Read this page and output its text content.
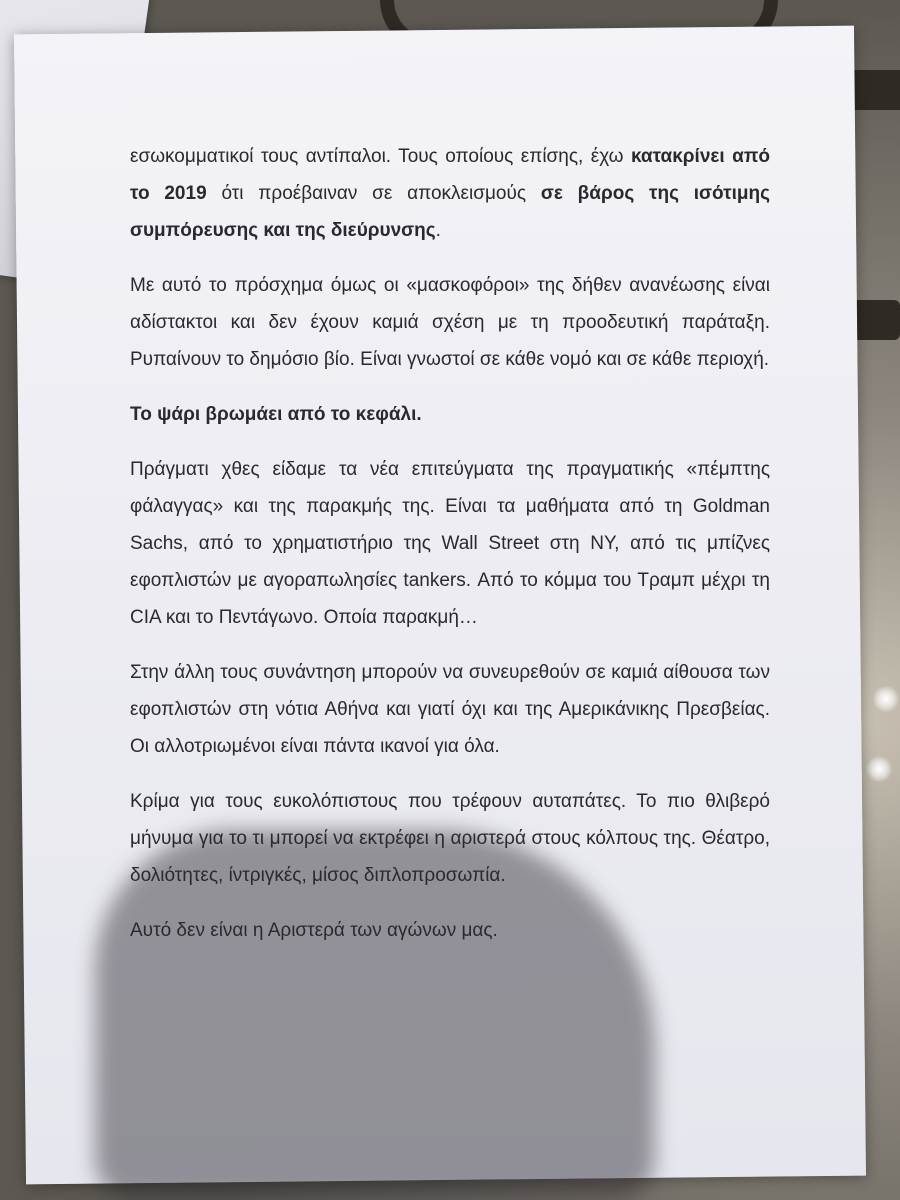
εσωκομματικοί τους αντίπαλοι. Τους οποίους επίσης, έχω κατακρίνει από το 2019 ότι προέβαιναν σε αποκλεισμούς σε βάρος της ισότιμης συμπόρευσης και της διεύρυνσης.

Με αυτό το πρόσχημα όμως οι «μασκοφόροι» της δήθεν ανανέωσης είναι αδίστακτοι και δεν έχουν καμιά σχέση με τη προοδευτική παράταξη. Ρυπαίνουν το δημόσιο βίο. Είναι γνωστοί σε κάθε νομό και σε κάθε περιοχή.

Το ψάρι βρωμάει από το κεφάλι.

Πράγματι χθες είδαμε τα νέα επιτεύγματα της πραγματικής «πέμπτης φάλαγγας» και της παρακμής της. Είναι τα μαθήματα από τη Goldman Sachs, από το χρηματιστήριο της Wall Street στη NY, από τις μπίζνες εφοπλιστών με αγοραπωλησίες tankers. Από το κόμμα του Τραμπ μέχρι τη CIA και το Πεντάγωνο. Οποία παρακμή…

Στην άλλη τους συνάντηση μπορούν να συνευρεθούν σε καμιά αίθουσα των εφοπλιστών στη νότια Αθήνα και γιατί όχι και της Αμερικάνικης Πρεσβείας. Οι αλλοτριωμένοι είναι πάντα ικανοί για όλα.

Κρίμα για τους ευκολόπιστους που τρέφουν αυταπάτες. Το πιο θλιβερό μήνυμα για το τι μπορεί να εκτρέφει η αριστερά στους κόλπους της. Θέατρο, δολιότητες, ίντριγκές, μίσος διπλοπροσωπία.

Αυτό δεν είναι η Αριστερά των αγώνων μας.
